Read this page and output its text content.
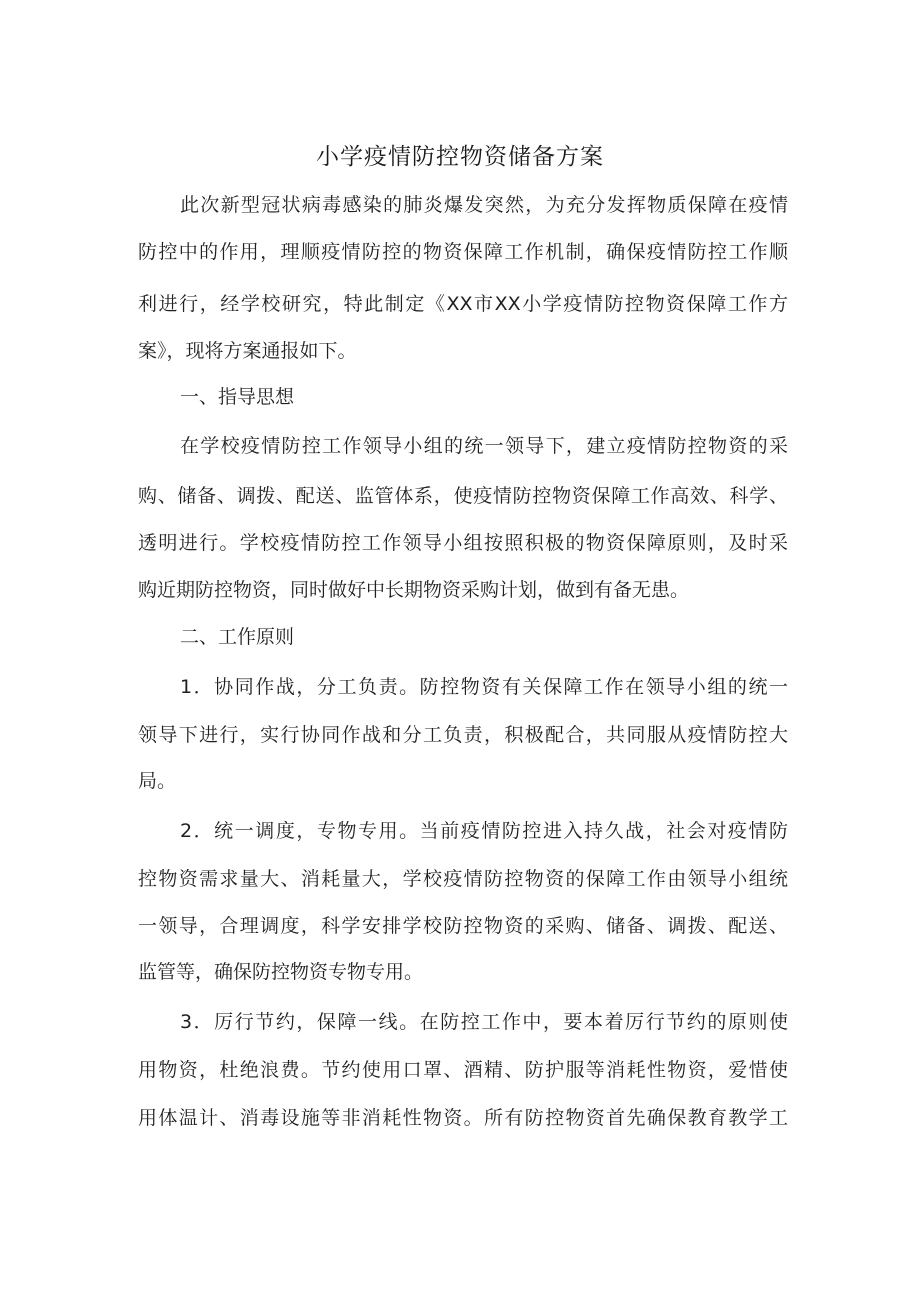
小学疫情防控物资储备方案

此次新型冠状病毒感染的肺炎爆发突然，为充分发挥物质保障在疫情

防控中的作用，理顺疫情防控的物资保障工作机制，确保疫情防控工作顺

利进行，经学校研究，特此制定《XX市XX小学疫情防控物资保障工作方

案》，现将方案通报如下。

一、指导思想

在学校疫情防控工作领导小组的统一领导下，建立疫情防控物资的采

购、储备、调拨、配送、监管体系，使疫情防控物资保障工作高效、科学、

透明进行。学校疫情防控工作领导小组按照积极的物资保障原则，及时采

购近期防控物资，同时做好中长期物资采购计划，做到有备无患。

二、工作原则

1．协同作战，分工负责。防控物资有关保障工作在领导小组的统一

领导下进行，实行协同作战和分工负责，积极配合，共同服从疫情防控大

局。

2．统一调度，专物专用。当前疫情防控进入持久战，社会对疫情防

控物资需求量大、消耗量大，学校疫情防控物资的保障工作由领导小组统

一领导，合理调度，科学安排学校防控物资的采购、储备、调拨、配送、

监管等，确保防控物资专物专用。

3．厉行节约，保障一线。在防控工作中，要本着厉行节约的原则使

用物资，杜绝浪费。节约使用口罩、酒精、防护服等消耗性物资，爱惜使

用体温计、消毒设施等非消耗性物资。所有防控物资首先确保教育教学工
